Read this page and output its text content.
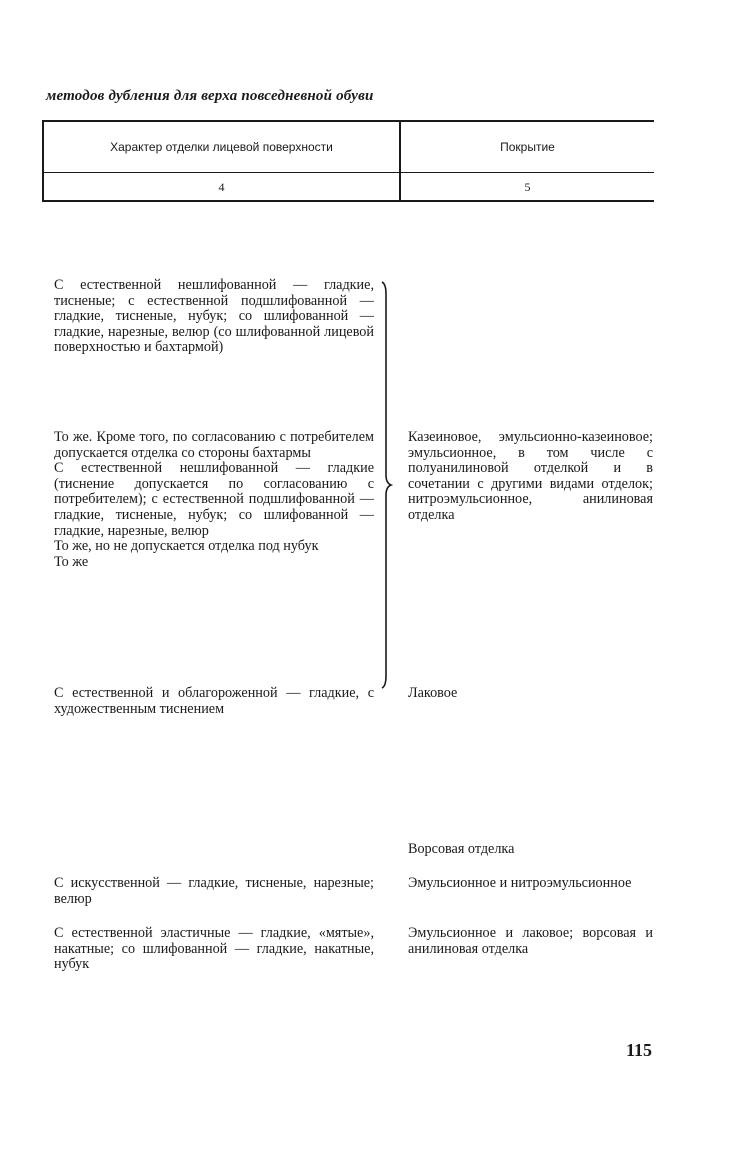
методов дубления для верха повседневной обуви
Характер отделки лицевой поверхности	Покрытие
4	5
С естественной нешлифованной — гладкие, тисненые; с естественной подшлифованной — гладкие, тисненые, нубук; со шлифованной — гладкие, нарезные, велюр (со шлифованной лицевой поверхностью и бахтармой)

То же. Кроме того, по согласованию с потребителем допускается отделка со стороны бахтармы

С естественной нешлифованной — гладкие (тиснение допускается по согласованию с потребителем); с естественной подшлифованной — гладкие, тисненые, нубук; со шлифованной — гладкие, нарезные, велюр

То же, но не допускается отделка под нубук

То же

Казеиновое, эмульсионно-казеиновое; эмульсионное, в том числе с полуанилиновой отделкой и в сочетании с другими видами отделок; нитроэмульсионное, анилиновая отделка
С естественной и облагороженной — гладкие, с художественным тиснением
Лаковое
Ворсовая отделка
С искусственной — гладкие, тисненые, нарезные; велюр
Эмульсионное и нитроэмульсионное
С естественной эластичные — гладкие, «мятые», накатные; со шлифованной — гладкие, накатные, нубук
Эмульсионное и лаковое; ворсовая и анилиновая отделка
115
